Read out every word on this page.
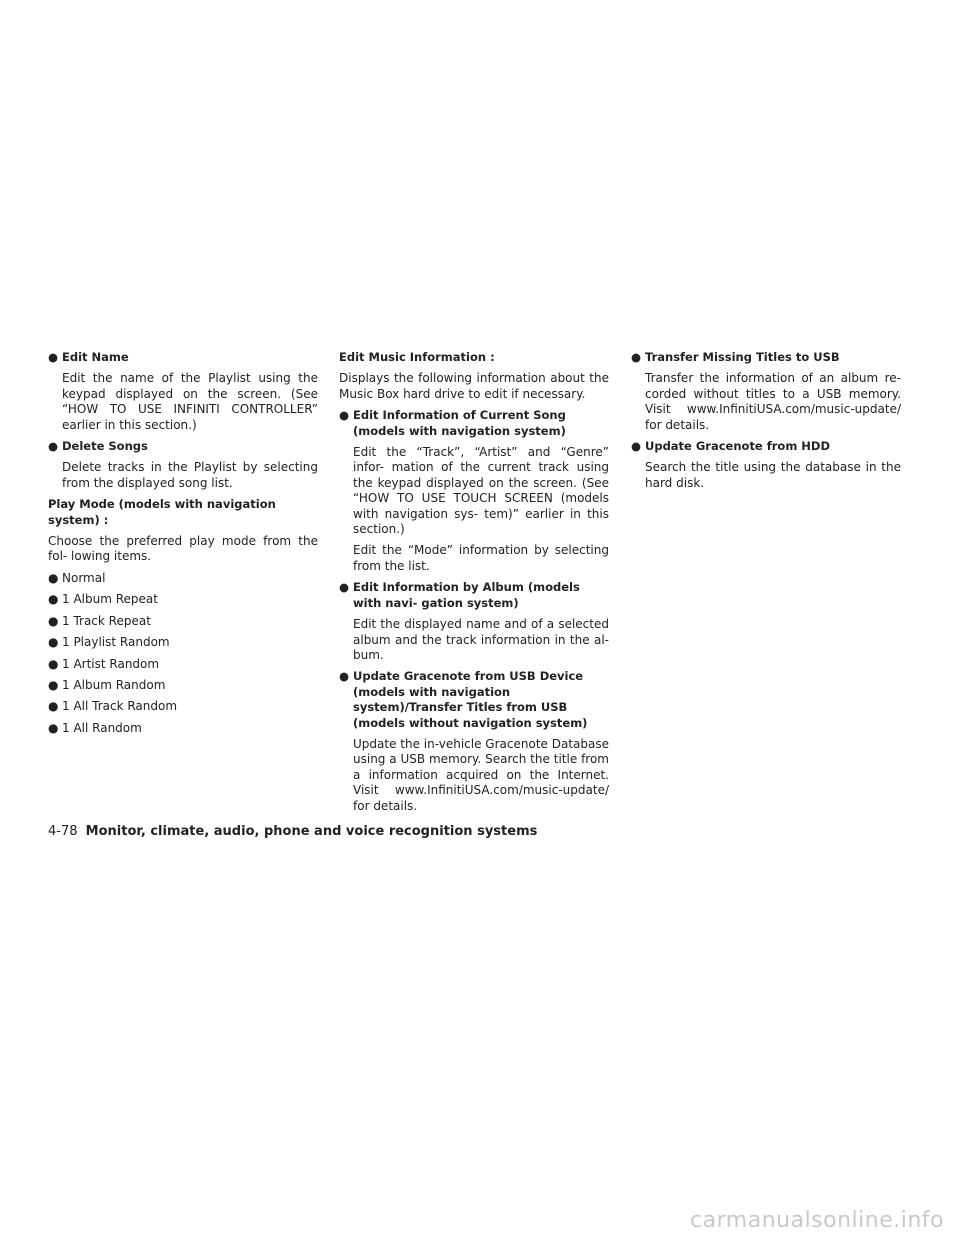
● Edit Name
Edit the name of the Playlist using the keypad displayed on the screen. (See “HOW TO USE INFINITI CONTROLLER” earlier in this section.)
● Delete Songs
Delete tracks in the Playlist by selecting from the displayed song list.
Play Mode (models with navigation system) :
Choose the preferred play mode from the fol- lowing items.
● Normal
● 1 Album Repeat
● 1 Track Repeat
● 1 Playlist Random
● 1 Artist Random
● 1 Album Random
● 1 All Track Random
● 1 All Random
Edit Music Information :
Displays the following information about the Music Box hard drive to edit if necessary.
● Edit Information of Current Song (models with navigation system)
Edit the “Track”, “Artist” and “Genre” infor- mation of the current track using the keypad displayed on the screen. (See “HOW TO USE TOUCH SCREEN (models with navigation sys- tem)” earlier in this section.)
Edit the “Mode” information by selecting from the list.
● Edit Information by Album (models with navi- gation system)
Edit the displayed name and of a selected album and the track information in the al- bum.
● Update Gracenote from USB Device (models with navigation system)/Transfer Titles from USB (models without navigation system)
Update the in-vehicle Gracenote Database using a USB memory. Search the title from a information acquired on the Internet. Visit www.InfinitiUSA.com/music-update/ for details.
● Transfer Missing Titles to USB
Transfer the information of an album re- corded without titles to a USB memory. Visit www.InfinitiUSA.com/music-update/ for details.
● Update Gracenote from HDD
Search the title using the database in the hard disk.
4-78 Monitor, climate, audio, phone and voice recognition systems
carmanualsonline.info
